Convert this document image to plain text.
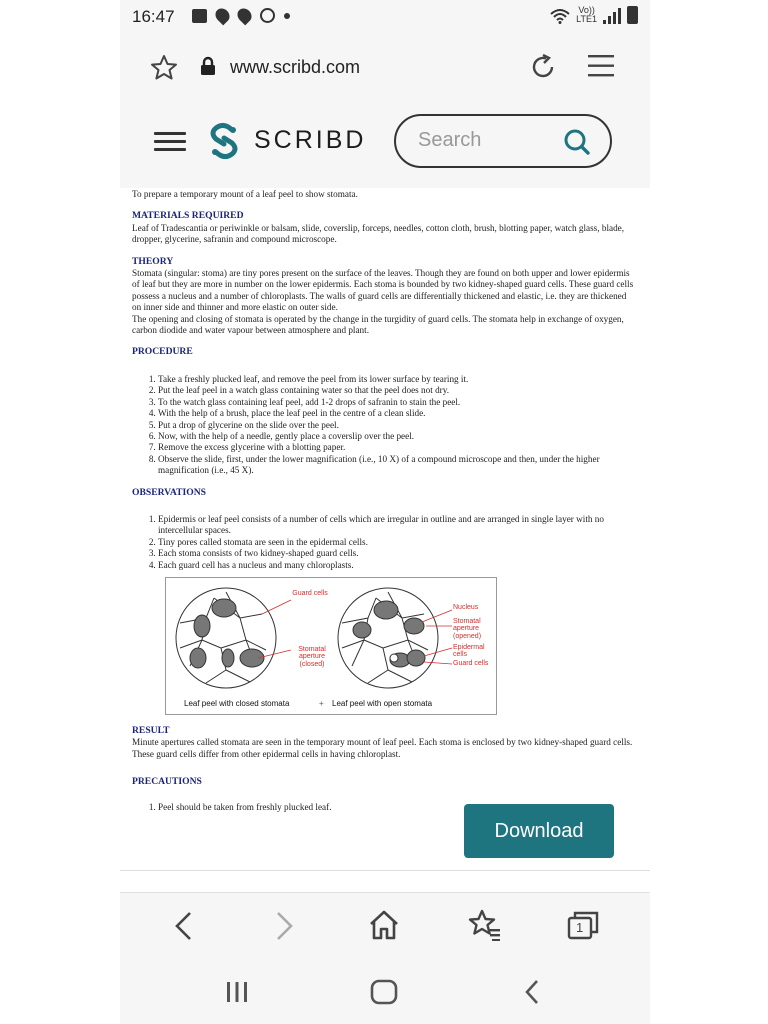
16:47	Vo))
LTE1
www.scribd.com
SCRIBD
Search

To prepare a temporary mount of a leaf peel to show stomata.

MATERIALS REQUIRED

Leaf of Tradescantia or periwinkle or balsam, slide, coverslip, forceps, needles, cotton cloth, brush, blotting paper, watch glass, blade, dropper, glycerine, safranin and compound microscope.

THEORY

Stomata (singular: stoma) are tiny pores present on the surface of the leaves. Though they are found on both upper and lower epidermis of leaf but they are more in number on the lower epidermis. Each stoma is bounded by two kidney-shaped guard cells. These guard cells possess a nucleus and a number of chloroplasts. The walls of guard cells are differentially thickened and elastic, i.e. they are thickened on inner side and thinner and more elastic on outer side.

The opening and closing of stomata is operated by the change in the turgidity of guard cells. The stomata help in exchange of oxygen, carbon diodide and water vapour between atmosphere and plant.

PROCEDURE
1. Take a freshly plucked leaf, and remove the peel from its lower surface by tearing it.
2. Put the leaf peel in a watch glass containing water so that the peel does not dry.
3. To the watch glass containing leaf peel, add 1-2 drops of safranin to stain the peel.
4. With the help of a brush, place the leaf peel in the centre of a clean slide.
5. Put a drop of glycerine on the slide over the peel.
6. Now, with the help of a needle, gently place a coverslip over the peel.
7. Remove the excess glycerine with a blotting paper.
8. Observe the slide, first, under the lower magnification (i.e., 10 X) of a compound microscope and then, under the higher magnification (i.e., 45 X).
OBSERVATIONS
1. Epidermis or leaf peel consists of a number of cells which are irregular in outline and are arranged in single layer with no intercellular spaces.
2. Tiny pores called stomata are seen in the epidermal cells.
3. Each stoma consists of two kidney-shaped guard cells.
4. Each guard cell has a nucleus and many chloroplasts.
Guard cells
Stomatal aperture (closed)
Nucleus
Stomatal aperture (opened)
Epidermal cells
Guard cells
Leaf peel with closed stomata	+ Leaf peel with open stomata
RESULT

Minute apertures called stomata are seen in the temporary mount of leaf peel. Each stoma is enclosed by two kidney-shaped guard cells. These guard cells differ from other epidermal cells in having chloroplast.

PRECAUTIONS
1. Peel should be taken from freshly plucked leaf.
Download
1
